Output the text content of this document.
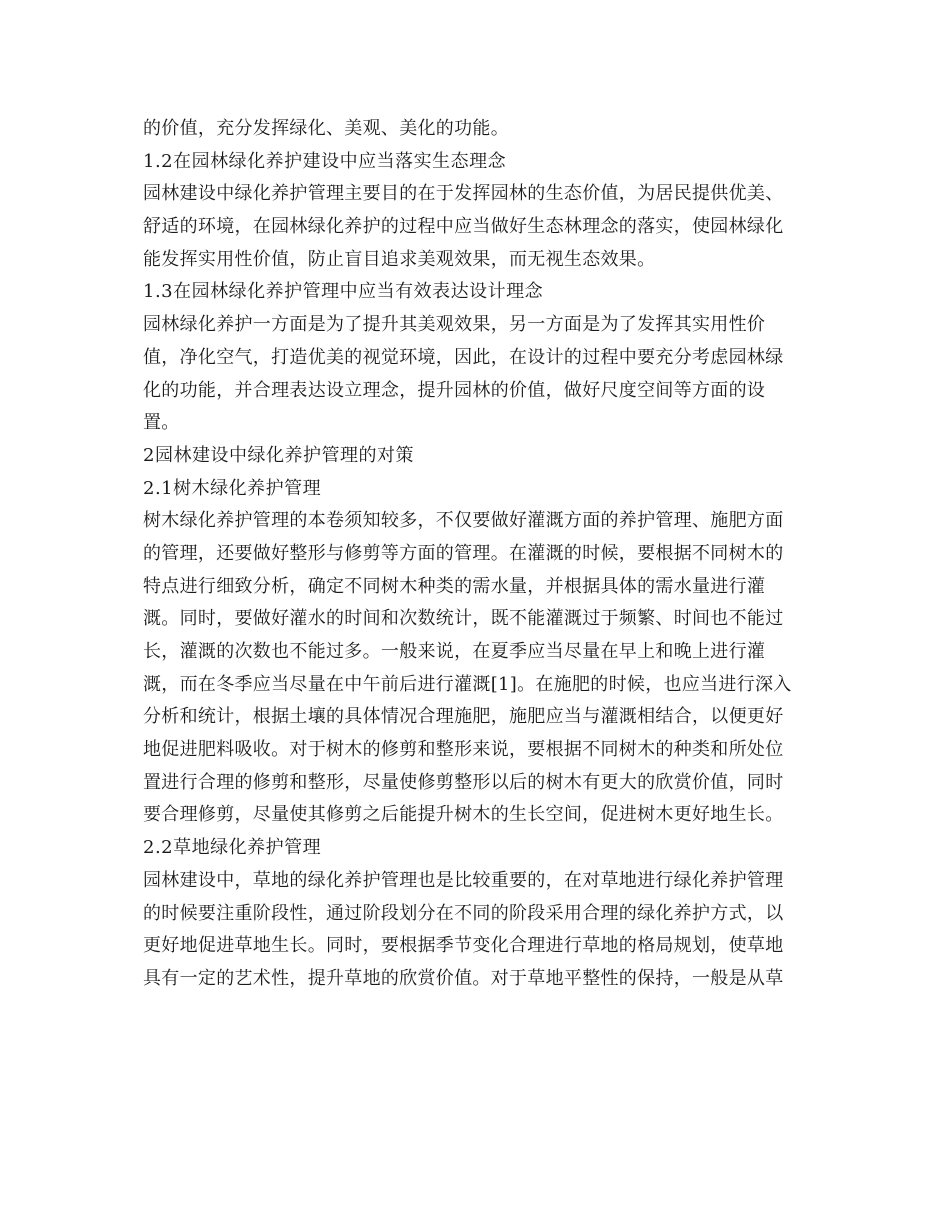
的价值，充分发挥绿化、美观、美化的功能。
1.2在园林绿化养护建设中应当落实生态理念
园林建设中绿化养护管理主要目的在于发挥园林的生态价值，为居民提供优美、
舒适的环境，在园林绿化养护的过程中应当做好生态林理念的落实，使园林绿化
能发挥实用性价值，防止盲目追求美观效果，而无视生态效果。
1.3在园林绿化养护管理中应当有效表达设计理念
园林绿化养护一方面是为了提升其美观效果，另一方面是为了发挥其实用性价
值，净化空气，打造优美的视觉环境，因此，在设计的过程中要充分考虑园林绿
化的功能，并合理表达设立理念，提升园林的价值，做好尺度空间等方面的设
置。
2园林建设中绿化养护管理的对策
2.1树木绿化养护管理
树木绿化养护管理的本卷须知较多，不仅要做好灌溉方面的养护管理、施肥方面
的管理，还要做好整形与修剪等方面的管理。在灌溉的时候，要根据不同树木的
特点进行细致分析，确定不同树木种类的需水量，并根据具体的需水量进行灌
溉。同时，要做好灌水的时间和次数统计，既不能灌溉过于频繁、时间也不能过
长，灌溉的次数也不能过多。一般来说，在夏季应当尽量在早上和晚上进行灌
溉，而在冬季应当尽量在中午前后进行灌溉[1]。在施肥的时候，也应当进行深入
分析和统计，根据土壤的具体情况合理施肥，施肥应当与灌溉相结合，以便更好
地促进肥料吸收。对于树木的修剪和整形来说，要根据不同树木的种类和所处位
置进行合理的修剪和整形，尽量使修剪整形以后的树木有更大的欣赏价值，同时
要合理修剪，尽量使其修剪之后能提升树木的生长空间，促进树木更好地生长。
2.2草地绿化养护管理
园林建设中，草地的绿化养护管理也是比较重要的，在对草地进行绿化养护管理
的时候要注重阶段性，通过阶段划分在不同的阶段采用合理的绿化养护方式，以
更好地促进草地生长。同时，要根据季节变化合理进行草地的格局规划，使草地
具有一定的艺术性，提升草地的欣赏价值。对于草地平整性的保持，一般是从草
